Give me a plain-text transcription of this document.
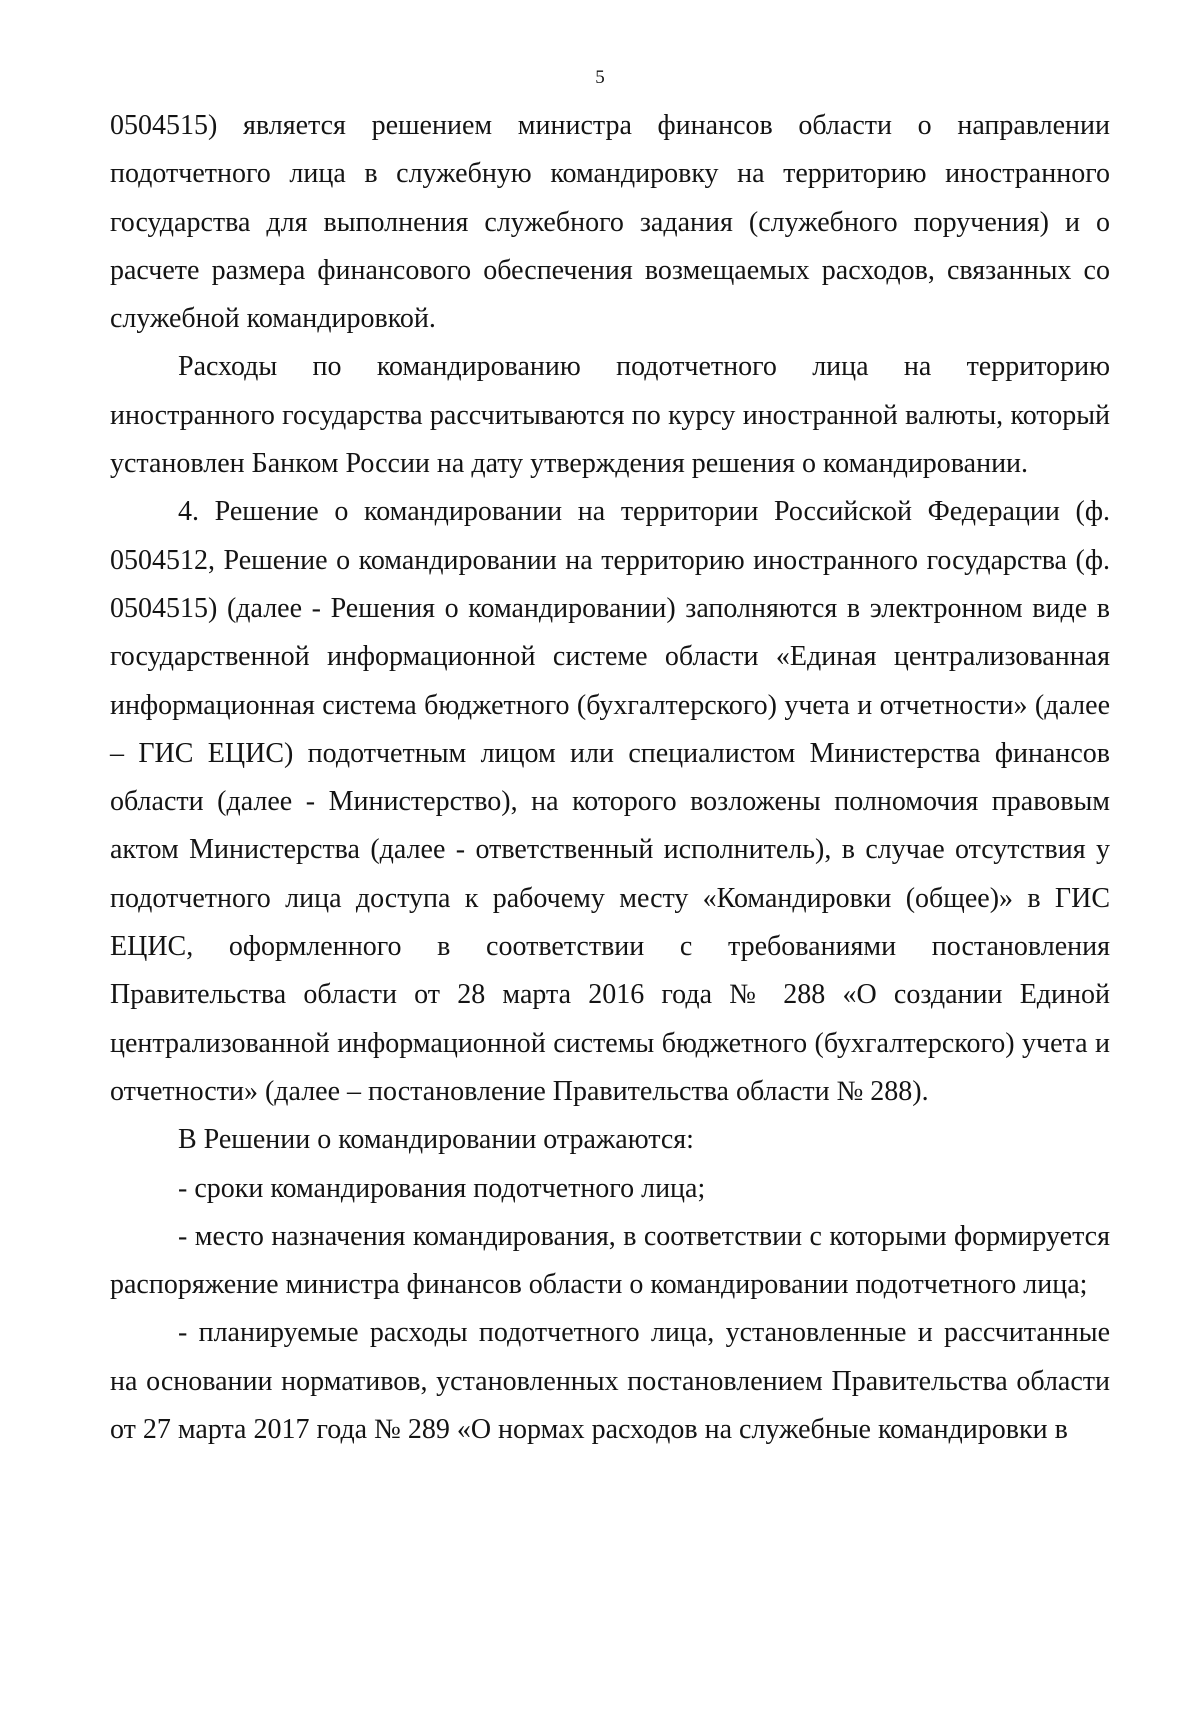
5

0504515) является решением министра финансов области о направлении подотчетного лица в служебную командировку на территорию иностранного государства для выполнения служебного задания (служебного поручения) и о расчете размера финансового обеспечения возмещаемых расходов, связанных со служебной командировкой.

Расходы по командированию подотчетного лица на территорию иностранного государства рассчитываются по курсу иностранной валюты, который установлен Банком России на дату утверждения решения о командировании.

4. Решение о командировании на территории Российской Федерации (ф. 0504512, Решение о командировании на территорию иностранного государства (ф. 0504515) (далее - Решения о командировании) заполняются в электронном виде в государственной информационной системе области «Единая централизованная информационная система бюджетного (бухгалтерского) учета и отчетности» (далее – ГИС ЕЦИС) подотчетным лицом или специалистом Министерства финансов области (далее - Министерство), на которого возложены полномочия правовым актом Министерства (далее - ответственный исполнитель), в случае отсутствия у подотчетного лица доступа к рабочему месту «Командировки (общее)» в ГИС ЕЦИС, оформленного в соответствии с требованиями постановления Правительства области от 28 марта 2016 года № 288 «О создании Единой централизованной информационной системы бюджетного (бухгалтерского) учета и отчетности» (далее – постановление Правительства области № 288).

В Решении о командировании отражаются:

- сроки командирования подотчетного лица;

- место назначения командирования, в соответствии с которыми формируется распоряжение министра финансов области о командировании подотчетного лица;

- планируемые расходы подотчетного лица, установленные и рассчитанные на основании нормативов, установленных постановлением Правительства области от 27 марта 2017 года № 289 «О нормах расходов на служебные командировки в
